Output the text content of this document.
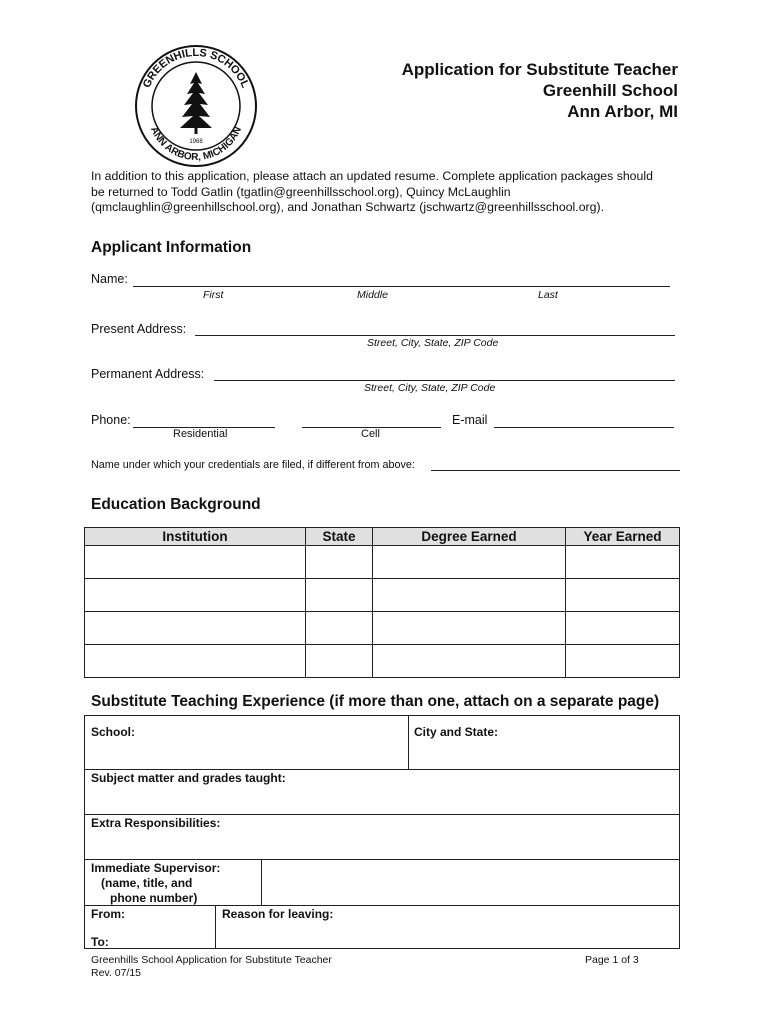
GREENHILLS SCHOOL
ANN ARBOR, MICHIGAN
1968
Application for Substitute Teacher
Greenhill School
Ann Arbor, MI
In addition to this application, please attach an updated resume. Complete application packages should
be returned to Todd Gatlin (tgatlin@greenhillsschool.org), Quincy McLaughlin
(qmclaughlin@greenhillschool.org), and Jonathan Schwartz (jschwartz@greenhillsschool.org).
Applicant Information
Name:
First	Middle	Last
Present Address:
Street, City, State, ZIP Code
Permanent Address:
Street, City, State, ZIP Code
Phone:	E-mail
Residential	Cell
Name under which your credentials are filed, if different from above:
Education Background
Institution	State	Degree Earned	Year Earned

Substitute Teaching Experience (if more than one, attach on a separate page)
School:	City and State:
Subject matter and grades taught:
Extra Responsibilities:
Immediate Supervisor:
(name, title, and
phone number)
From:
To:
Reason for leaving:
Greenhills School Application for Substitute Teacher
Rev. 07/15
Page 1 of 3
